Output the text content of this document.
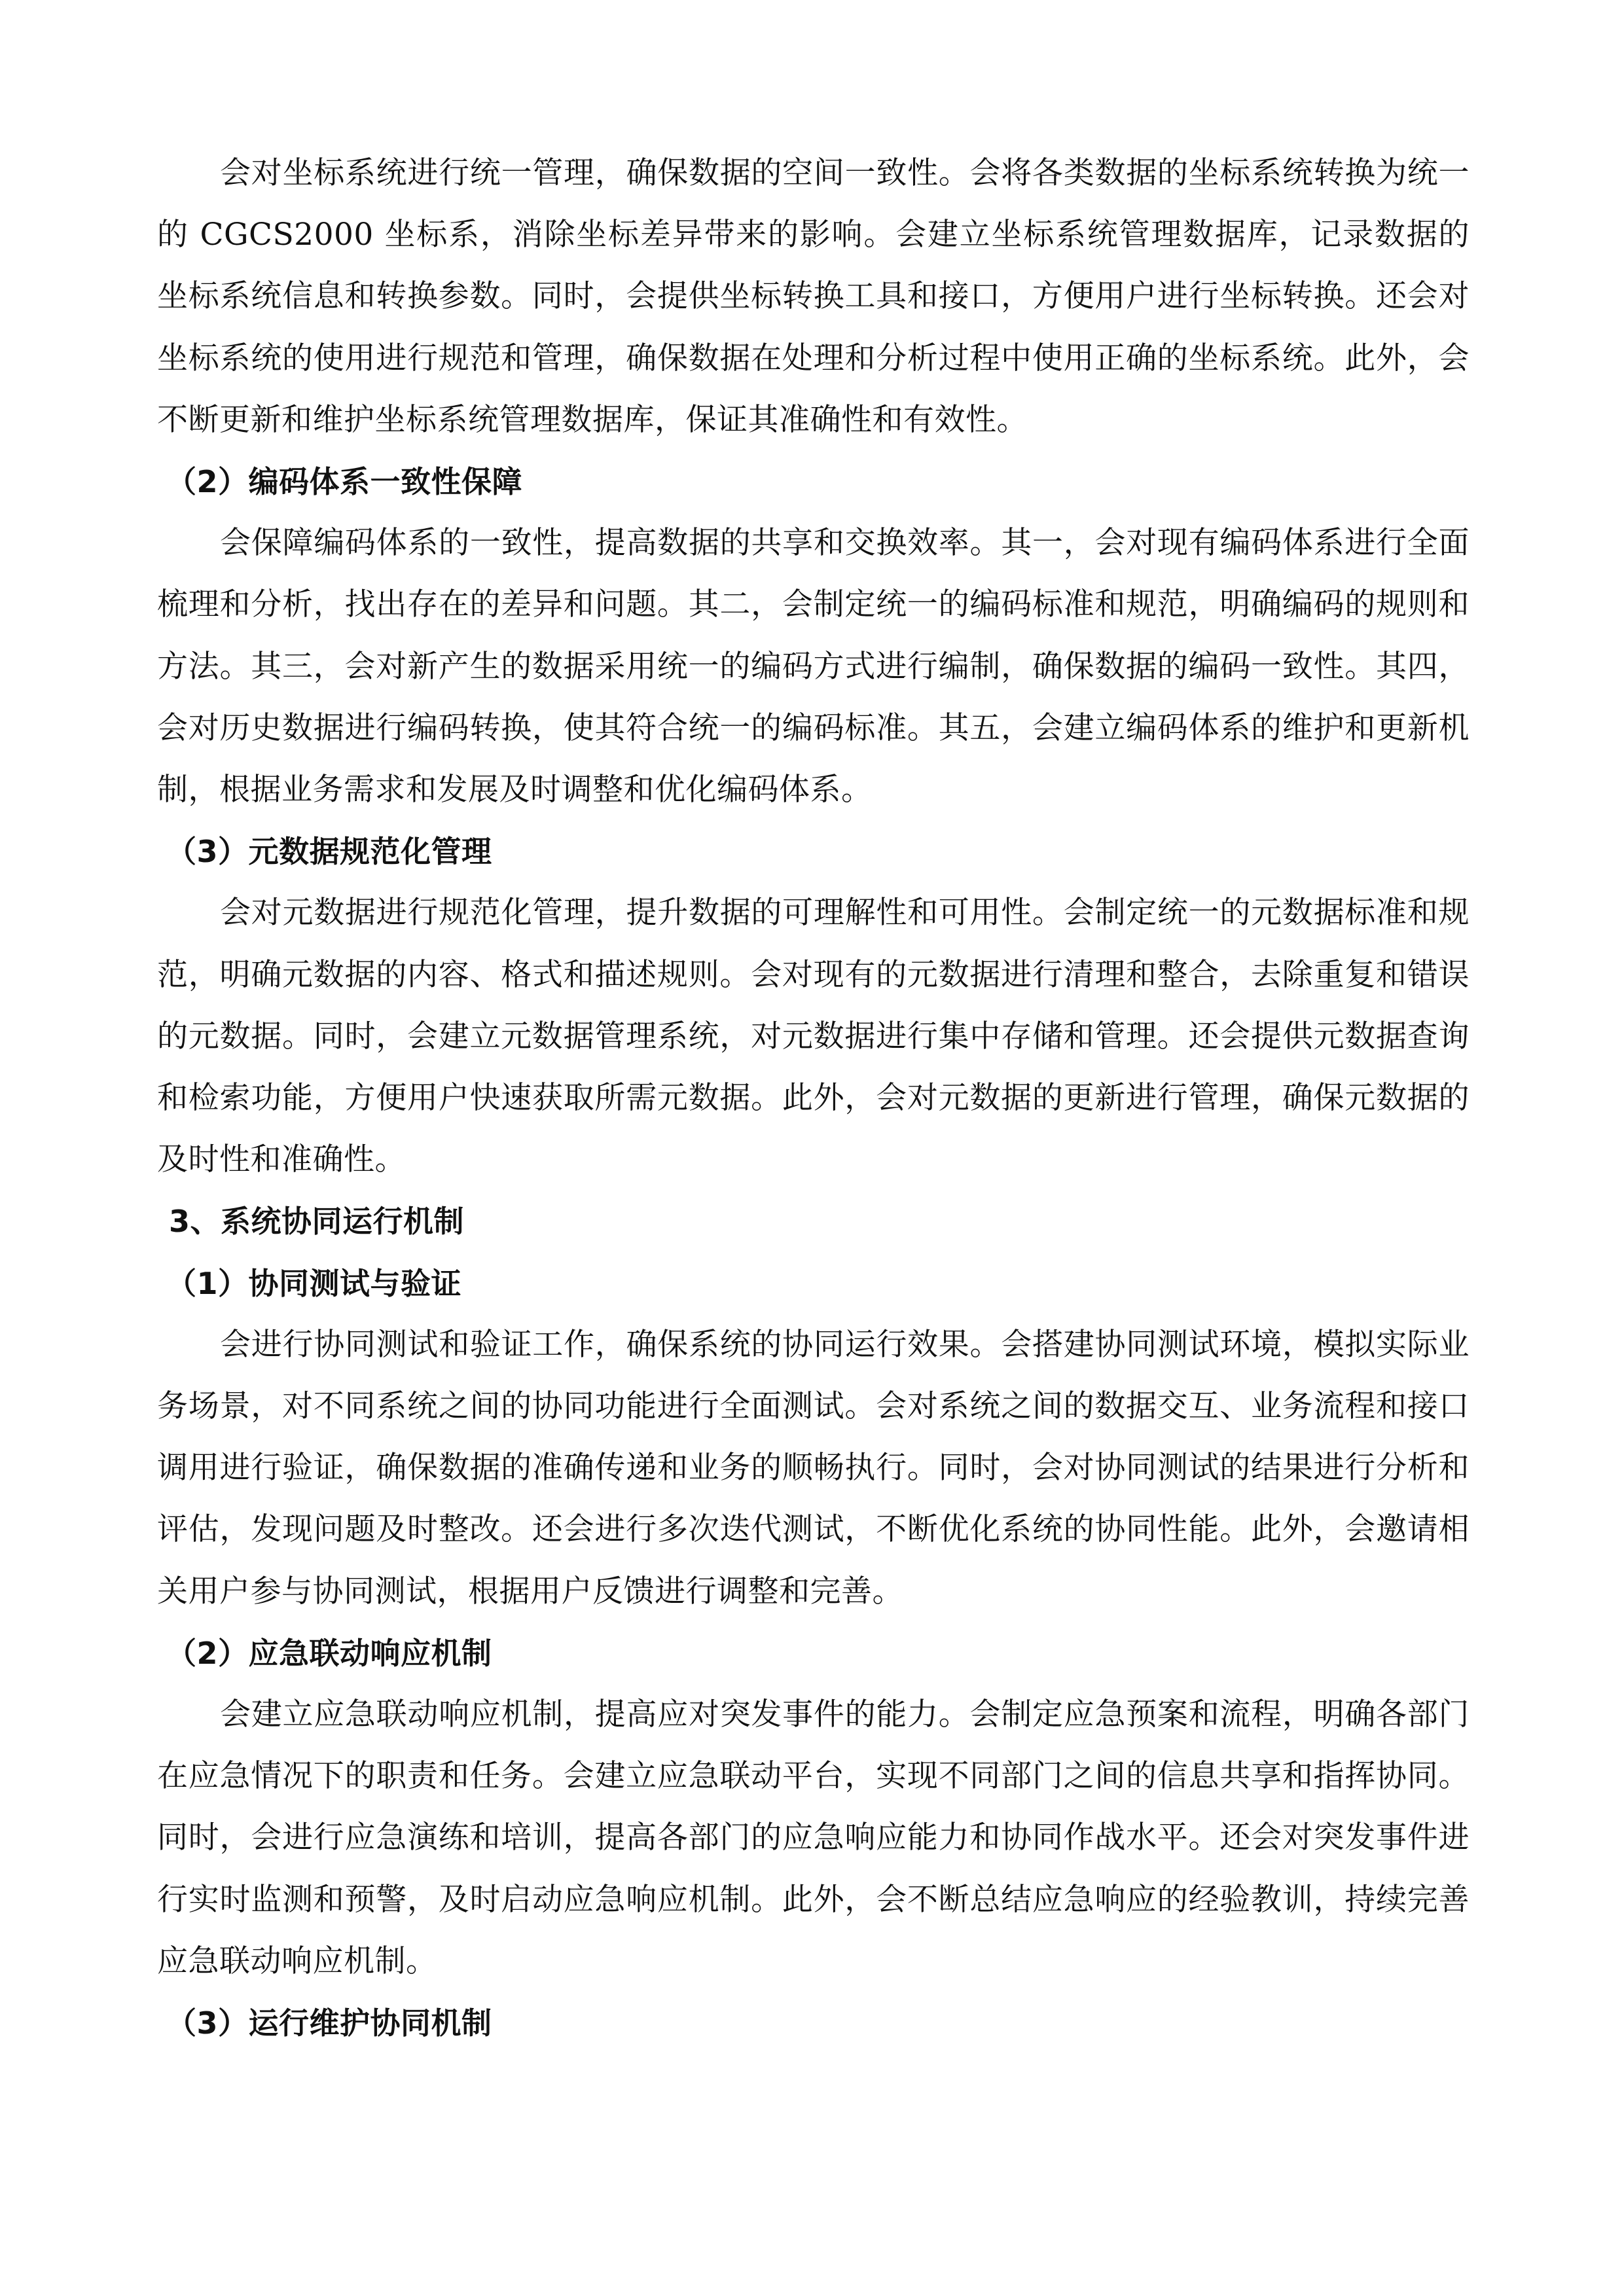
会对坐标系统进行统一管理，确保数据的空间一致性。会将各类数据的坐标系统转换为统一的 CGCS2000 坐标系，消除坐标差异带来的影响。会建立坐标系统管理数据库，记录数据的坐标系统信息和转换参数。同时，会提供坐标转换工具和接口，方便用户进行坐标转换。还会对坐标系统的使用进行规范和管理，确保数据在处理和分析过程中使用正确的坐标系统。此外，会不断更新和维护坐标系统管理数据库，保证其准确性和有效性。

（2）编码体系一致性保障

会保障编码体系的一致性，提高数据的共享和交换效率。其一，会对现有编码体系进行全面梳理和分析，找出存在的差异和问题。其二，会制定统一的编码标准和规范，明确编码的规则和方法。其三，会对新产生的数据采用统一的编码方式进行编制，确保数据的编码一致性。其四，会对历史数据进行编码转换，使其符合统一的编码标准。其五，会建立编码体系的维护和更新机制，根据业务需求和发展及时调整和优化编码体系。

（3）元数据规范化管理

会对元数据进行规范化管理，提升数据的可理解性和可用性。会制定统一的元数据标准和规范，明确元数据的内容、格式和描述规则。会对现有的元数据进行清理和整合，去除重复和错误的元数据。同时，会建立元数据管理系统，对元数据进行集中存储和管理。还会提供元数据查询和检索功能，方便用户快速获取所需元数据。此外，会对元数据的更新进行管理，确保元数据的及时性和准确性。

3、系统协同运行机制

（1）协同测试与验证

会进行协同测试和验证工作，确保系统的协同运行效果。会搭建协同测试环境，模拟实际业务场景，对不同系统之间的协同功能进行全面测试。会对系统之间的数据交互、业务流程和接口调用进行验证，确保数据的准确传递和业务的顺畅执行。同时，会对协同测试的结果进行分析和评估，发现问题及时整改。还会进行多次迭代测试，不断优化系统的协同性能。此外，会邀请相关用户参与协同测试，根据用户反馈进行调整和完善。

（2）应急联动响应机制

会建立应急联动响应机制，提高应对突发事件的能力。会制定应急预案和流程，明确各部门在应急情况下的职责和任务。会建立应急联动平台，实现不同部门之间的信息共享和指挥协同。同时，会进行应急演练和培训，提高各部门的应急响应能力和协同作战水平。还会对突发事件进行实时监测和预警，及时启动应急响应机制。此外，会不断总结应急响应的经验教训，持续完善应急联动响应机制。

（3）运行维护协同机制
